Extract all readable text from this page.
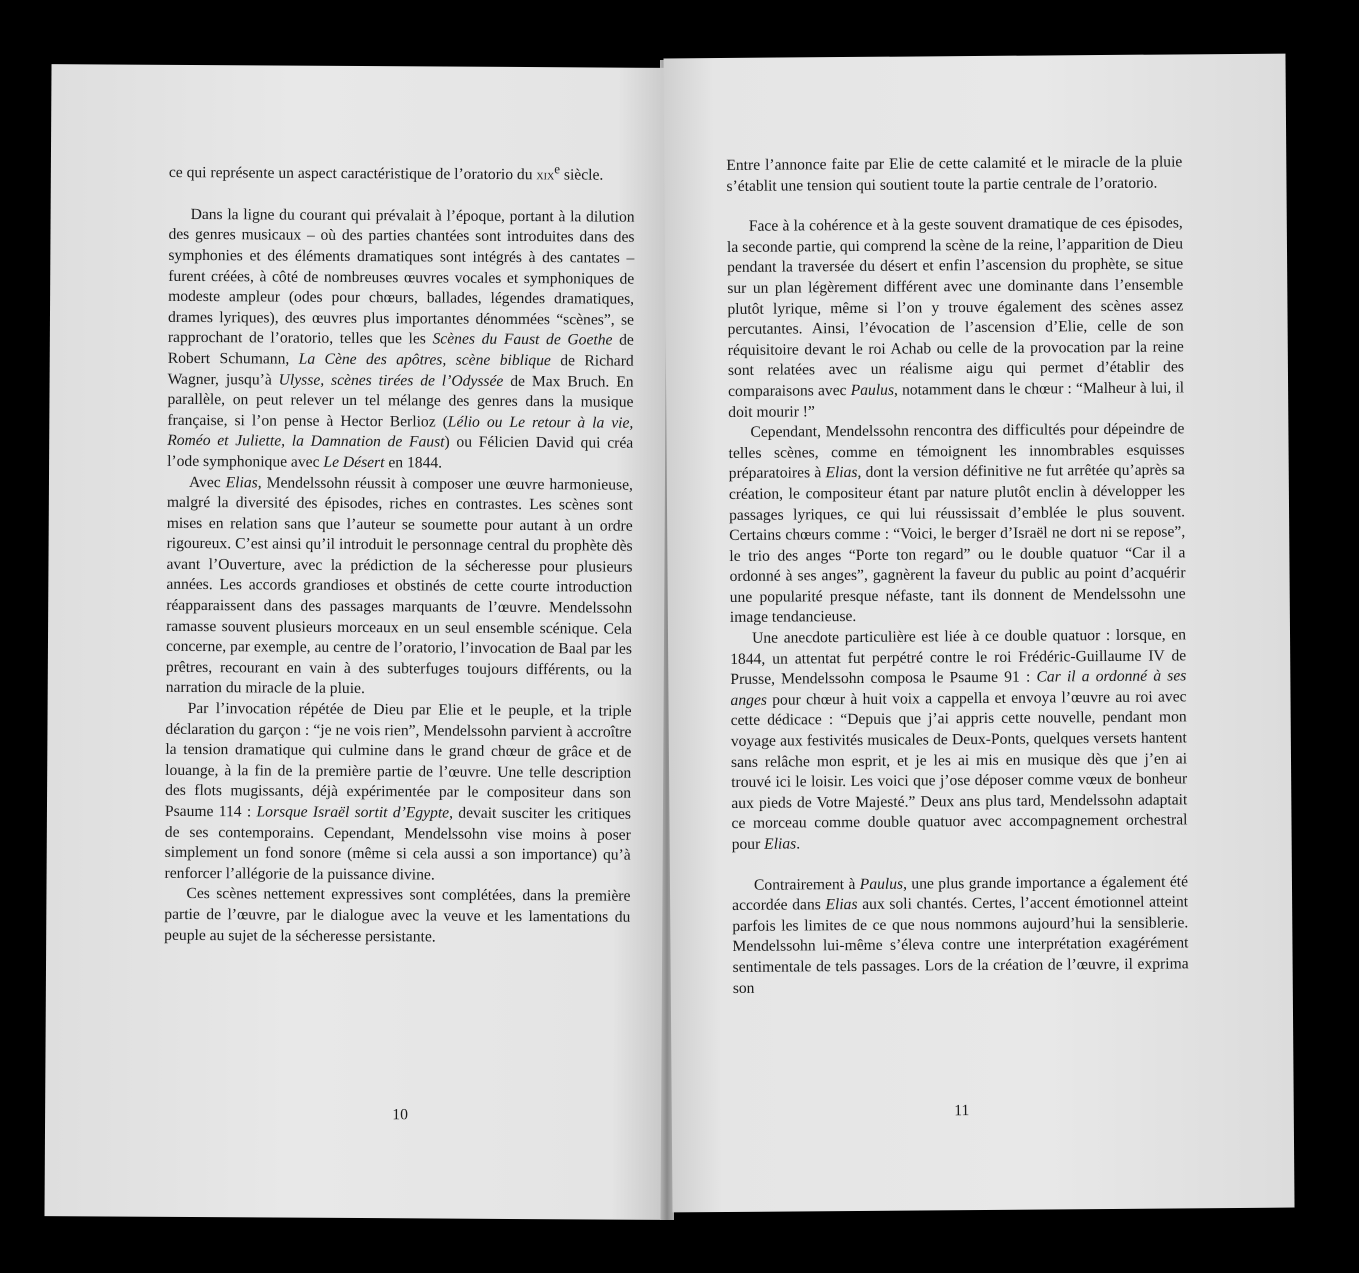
ce qui représente un aspect caractéristique de l’oratorio du xix$^e$ siècle.

Dans la ligne du courant qui prévalait à l’époque, portant à la dilution des genres musicaux – où des parties chantées sont introduites dans des symphonies et des éléments dramatiques sont intégrés à des cantates – furent créées, à côté de nombreuses œuvres vocales et symphoniques de modeste ampleur (odes pour chœurs, ballades, légendes dramatiques, drames lyriques), des œuvres plus importantes dénommées “scènes”, se rapprochant de l’oratorio, telles que les Scènes du Faust de Goethe de Robert Schumann, La Cène des apôtres, scène biblique de Richard Wagner, jusqu’à Ulysse, scènes tirées de l’Odyssée de Max Bruch. En parallèle, on peut relever un tel mélange des genres dans la musique française, si l’on pense à Hector Berlioz (Lélio ou Le retour à la vie, Roméo et Juliette, la Damnation de Faust) ou Félicien David qui créa l’ode symphonique avec Le Désert en 1844.

Avec Elias, Mendelssohn réussit à composer une œuvre harmonieuse, malgré la diversité des épisodes, riches en contrastes. Les scènes sont mises en relation sans que l’auteur se soumette pour autant à un ordre rigoureux. C’est ainsi qu’il introduit le personnage central du prophète dès avant l’Ouverture, avec la prédiction de la sécheresse pour plusieurs années. Les accords grandioses et obstinés de cette courte introduction réapparaissent dans des passages marquants de l’œuvre. Mendelssohn ramasse souvent plusieurs morceaux en un seul ensemble scénique. Cela concerne, par exemple, au centre de l’oratorio, l’invocation de Baal par les prêtres, recourant en vain à des subterfuges toujours différents, ou la narration du miracle de la pluie.

Par l’invocation répétée de Dieu par Elie et le peuple, et la triple déclaration du garçon : “je ne vois rien”, Mendelssohn parvient à accroître la tension dramatique qui culmine dans le grand chœur de grâce et de louange, à la fin de la première partie de l’œuvre. Une telle description des flots mugissants, déjà expérimentée par le compositeur dans son Psaume 114 : Lorsque Israël sortit d’Egypte, devait susciter les critiques de ses contemporains. Cependant, Mendelssohn vise moins à poser simplement un fond sonore (même si cela aussi a son importance) qu’à renforcer l’allégorie de la puissance divine.

Ces scènes nettement expressives sont complétées, dans la première partie de l’œuvre, par le dialogue avec la veuve et les lamentations du peuple au sujet de la sécheresse persistante.

10

Entre l’annonce faite par Elie de cette calamité et le miracle de la pluie s’établit une tension qui soutient toute la partie centrale de l’oratorio.

Face à la cohérence et à la geste souvent dramatique de ces épisodes, la seconde partie, qui comprend la scène de la reine, l’apparition de Dieu pendant la traversée du désert et enfin l’ascension du prophète, se situe sur un plan légèrement différent avec une dominante dans l’ensemble plutôt lyrique, même si l’on y trouve également des scènes assez percutantes. Ainsi, l’évocation de l’ascension d’Elie, celle de son réquisitoire devant le roi Achab ou celle de la provocation par la reine sont relatées avec un réalisme aigu qui permet d’établir des comparaisons avec Paulus, notamment dans le chœur : “Malheur à lui, il doit mourir !”

Cependant, Mendelssohn rencontra des difficultés pour dépeindre de telles scènes, comme en témoignent les innombrables esquisses préparatoires à Elias, dont la version définitive ne fut arrêtée qu’après sa création, le compositeur étant par nature plutôt enclin à développer les passages lyriques, ce qui lui réussissait d’emblée le plus souvent. Certains chœurs comme : “Voici, le berger d’Israël ne dort ni se repose”, le trio des anges “Porte ton regard” ou le double quatuor “Car il a ordonné à ses anges”, gagnèrent la faveur du public au point d’acquérir une popularité presque néfaste, tant ils donnent de Mendelssohn une image tendancieuse.

Une anecdote particulière est liée à ce double quatuor : lorsque, en 1844, un attentat fut perpétré contre le roi Frédéric-Guillaume IV de Prusse, Mendelssohn composa le Psaume 91 : Car il a ordonné à ses anges pour chœur à huit voix a cappella et envoya l’œuvre au roi avec cette dédicace : “Depuis que j’ai appris cette nouvelle, pendant mon voyage aux festivités musicales de Deux-Ponts, quelques versets hantent sans relâche mon esprit, et je les ai mis en musique dès que j’en ai trouvé ici le loisir. Les voici que j’ose déposer comme vœux de bonheur aux pieds de Votre Majesté.” Deux ans plus tard, Mendelssohn adaptait ce morceau comme double quatuor avec accompagnement orchestral pour Elias.

Contrairement à Paulus, une plus grande importance a également été accordée dans Elias aux soli chantés. Certes, l’accent émotionnel atteint parfois les limites de ce que nous nommons aujourd’hui la sensiblerie. Mendelssohn lui-même s’éleva contre une interprétation exagérément sentimentale de tels passages. Lors de la création de l’œuvre, il exprima son

11
